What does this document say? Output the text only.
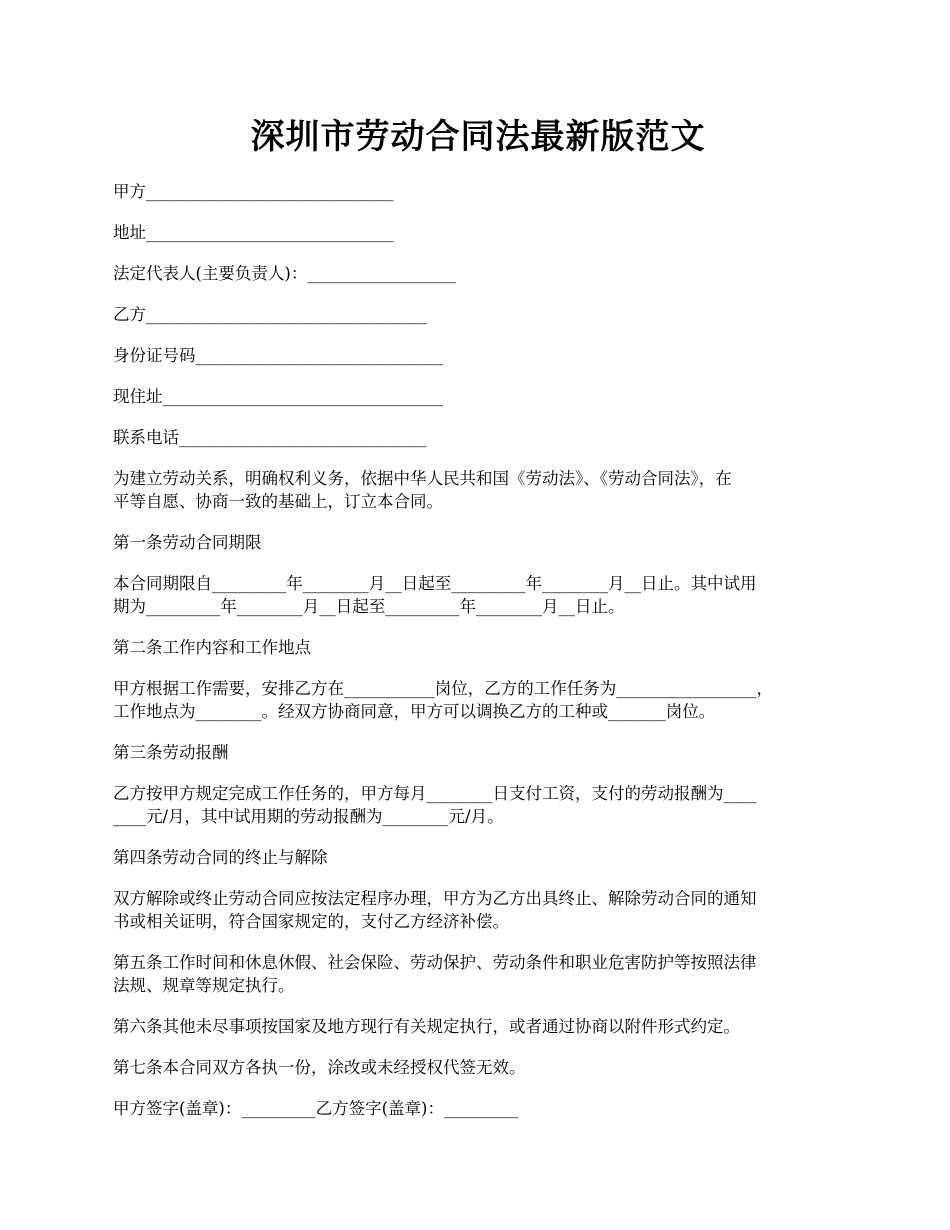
深圳市劳动合同法最新版范文

甲方______________________________

地址______________________________

法定代表人(主要负责人)：__________________

乙方__________________________________

身份证号码______________________________

现住址__________________________________

联系电话______________________________

为建立劳动关系，明确权利义务，依据中华人民共和国《劳动法》、《劳动合同法》，在
平等自愿、协商一致的基础上，订立本合同。

第一条劳动合同期限

本合同期限自_________年________月__日起至_________年________月__日止。其中试用
期为_________年________月__日起至_________年________月__日止。

第二条工作内容和工作地点

甲方根据工作需要，安排乙方在___________岗位，乙方的工作任务为_________________，
工作地点为________。经双方协商同意，甲方可以调换乙方的工种或_______岗位。

第三条劳动报酬

乙方按甲方规定完成工作任务的，甲方每月________日支付工资，支付的劳动报酬为____
____元/月，其中试用期的劳动报酬为________元/月。

第四条劳动合同的终止与解除

双方解除或终止劳动合同应按法定程序办理，甲方为乙方出具终止、解除劳动合同的通知
书或相关证明，符合国家规定的，支付乙方经济补偿。

第五条工作时间和休息休假、社会保险、劳动保护、劳动条件和职业危害防护等按照法律
法规、规章等规定执行。

第六条其他未尽事项按国家及地方现行有关规定执行，或者通过协商以附件形式约定。

第七条本合同双方各执一份，涂改或未经授权代签无效。

甲方签字(盖章)：_________乙方签字(盖章)：_________
